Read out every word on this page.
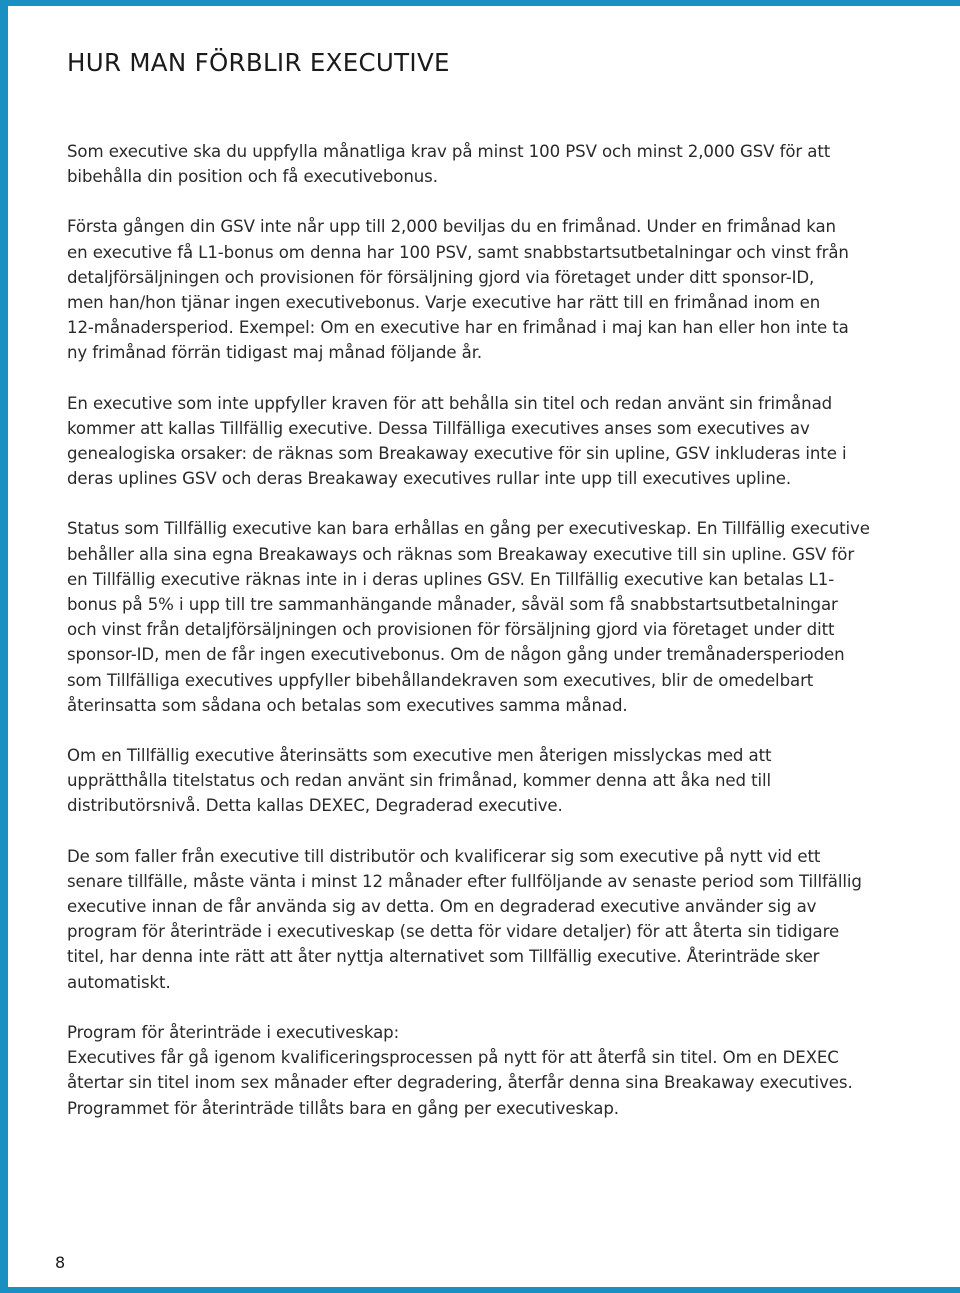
HUR MAN FÖRBLIR EXECUTIVE

Som executive ska du uppfylla månatliga krav på minst 100 PSV och minst 2,000 GSV för att
bibehålla din position och få executivebonus.

Första gången din GSV inte når upp till 2,000 beviljas du en frimånad. Under en frimånad kan
en executive få L1-bonus om denna har 100 PSV, samt snabbstartsutbetalningar och vinst från
detaljförsäljningen och provisionen för försäljning gjord via företaget under ditt sponsor-ID,
men han/hon tjänar ingen executivebonus. Varje executive har rätt till en frimånad inom en
12-månadersperiod. Exempel: Om en executive har en frimånad i maj kan han eller hon inte ta
ny frimånad förrän tidigast maj månad följande år.

En executive som inte uppfyller kraven för att behålla sin titel och redan använt sin frimånad
kommer att kallas Tillfällig executive. Dessa Tillfälliga executives anses som executives av
genealogiska orsaker: de räknas som Breakaway executive för sin upline, GSV inkluderas inte i
deras uplines GSV och deras Breakaway executives rullar inte upp till executives upline.

Status som Tillfällig executive kan bara erhållas en gång per executiveskap. En Tillfällig executive
behåller alla sina egna Breakaways och räknas som Breakaway executive till sin upline. GSV för
en Tillfällig executive räknas inte in i deras uplines GSV. En Tillfällig executive kan betalas L1-
bonus på 5% i upp till tre sammanhängande månader, såväl som få snabbstartsutbetalningar
och vinst från detaljförsäljningen och provisionen för försäljning gjord via företaget under ditt
sponsor-ID, men de får ingen executivebonus. Om de någon gång under tremånadersperioden
som Tillfälliga executives uppfyller bibehållandekraven som executives, blir de omedelbart
återinsatta som sådana och betalas som executives samma månad.

Om en Tillfällig executive återinsätts som executive men återigen misslyckas med att
upprätthålla titelstatus och redan använt sin frimånad, kommer denna att åka ned till
distributörsnivå. Detta kallas DEXEC, Degraderad executive.

De som faller från executive till distributör och kvalificerar sig som executive på nytt vid ett
senare tillfälle, måste vänta i minst 12 månader efter fullföljande av senaste period som Tillfällig
executive innan de får använda sig av detta. Om en degraderad executive använder sig av
program för återinträde i executiveskap (se detta för vidare detaljer) för att återta sin tidigare
titel, har denna inte rätt att åter nyttja alternativet som Tillfällig executive. Återinträde sker
automatiskt.

Program för återinträde i executiveskap:
Executives får gå igenom kvalificeringsprocessen på nytt för att återfå sin titel. Om en DEXEC
återtar sin titel inom sex månader efter degradering, återfår denna sina Breakaway executives.
Programmet för återinträde tillåts bara en gång per executiveskap.

8
